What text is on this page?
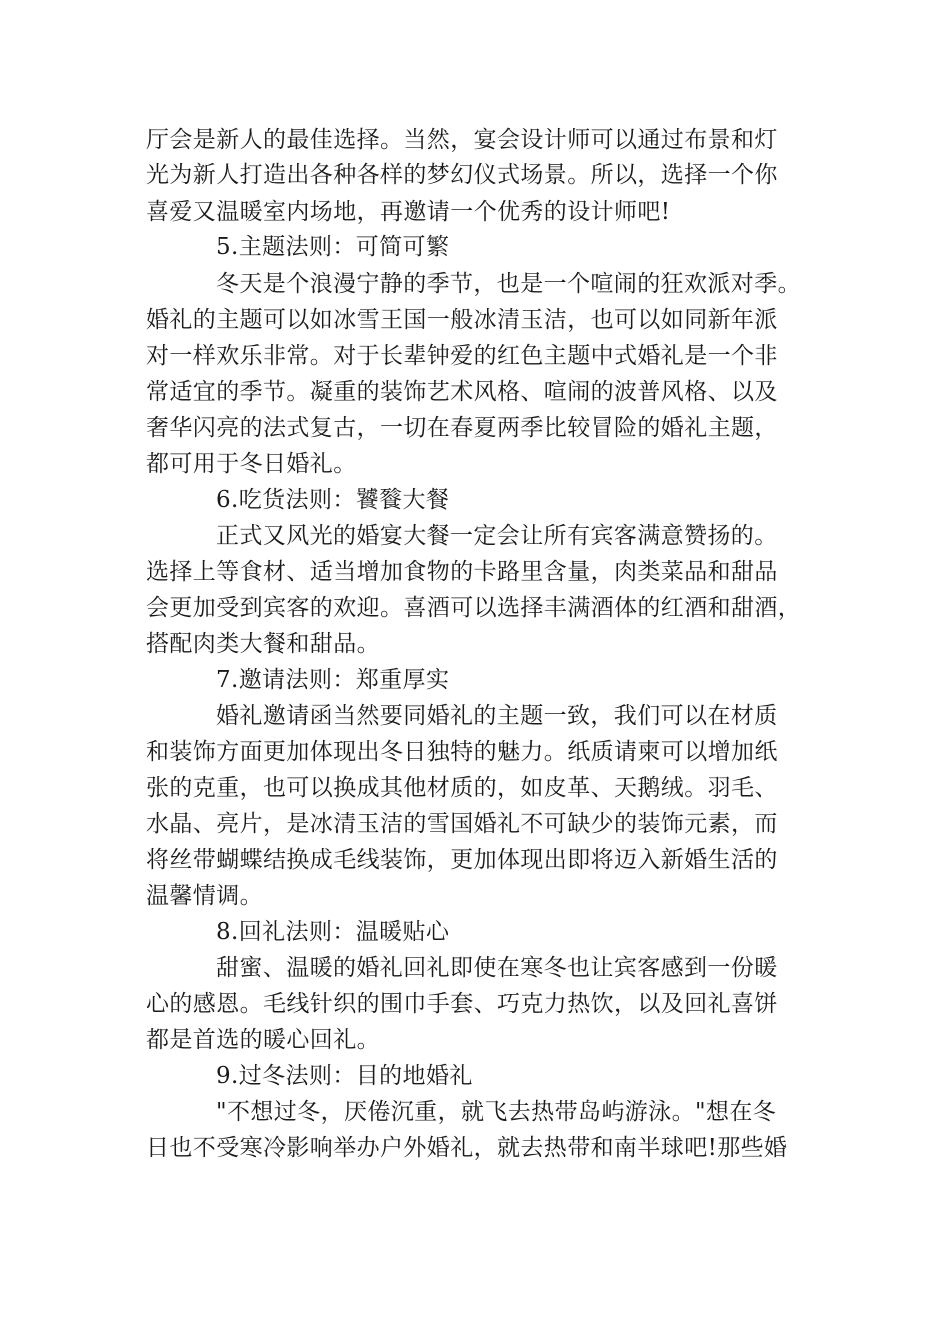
厅会是新人的最佳选择。当然，宴会设计师可以通过布景和灯
光为新人打造出各种各样的梦幻仪式场景。所以，选择一个你
喜爱又温暖室内场地，再邀请一个优秀的设计师吧!
5.主题法则：可简可繁
冬天是个浪漫宁静的季节，也是一个喧闹的狂欢派对季。
婚礼的主题可以如冰雪王国一般冰清玉洁，也可以如同新年派
对一样欢乐非常。对于长辈钟爱的红色主题中式婚礼是一个非
常适宜的季节。凝重的装饰艺术风格、喧闹的波普风格、以及
奢华闪亮的法式复古，一切在春夏两季比较冒险的婚礼主题，
都可用于冬日婚礼。
6.吃货法则：饕餮大餐
正式又风光的婚宴大餐一定会让所有宾客满意赞扬的。
选择上等食材、适当增加食物的卡路里含量，肉类菜品和甜品
会更加受到宾客的欢迎。喜酒可以选择丰满酒体的红酒和甜酒，
搭配肉类大餐和甜品。
7.邀请法则：郑重厚实
婚礼邀请函当然要同婚礼的主题一致，我们可以在材质
和装饰方面更加体现出冬日独特的魅力。纸质请柬可以增加纸
张的克重，也可以换成其他材质的，如皮革、天鹅绒。羽毛、
水晶、亮片，是冰清玉洁的雪国婚礼不可缺少的装饰元素，而
将丝带蝴蝶结换成毛线装饰，更加体现出即将迈入新婚生活的
温馨情调。
8.回礼法则：温暖贴心
甜蜜、温暖的婚礼回礼即使在寒冬也让宾客感到一份暖
心的感恩。毛线针织的围巾手套、巧克力热饮，以及回礼喜饼
都是首选的暖心回礼。
9.过冬法则：目的地婚礼
"不想过冬，厌倦沉重，就飞去热带岛屿游泳。"想在冬
日也不受寒冷影响举办户外婚礼，就去热带和南半球吧!那些婚
